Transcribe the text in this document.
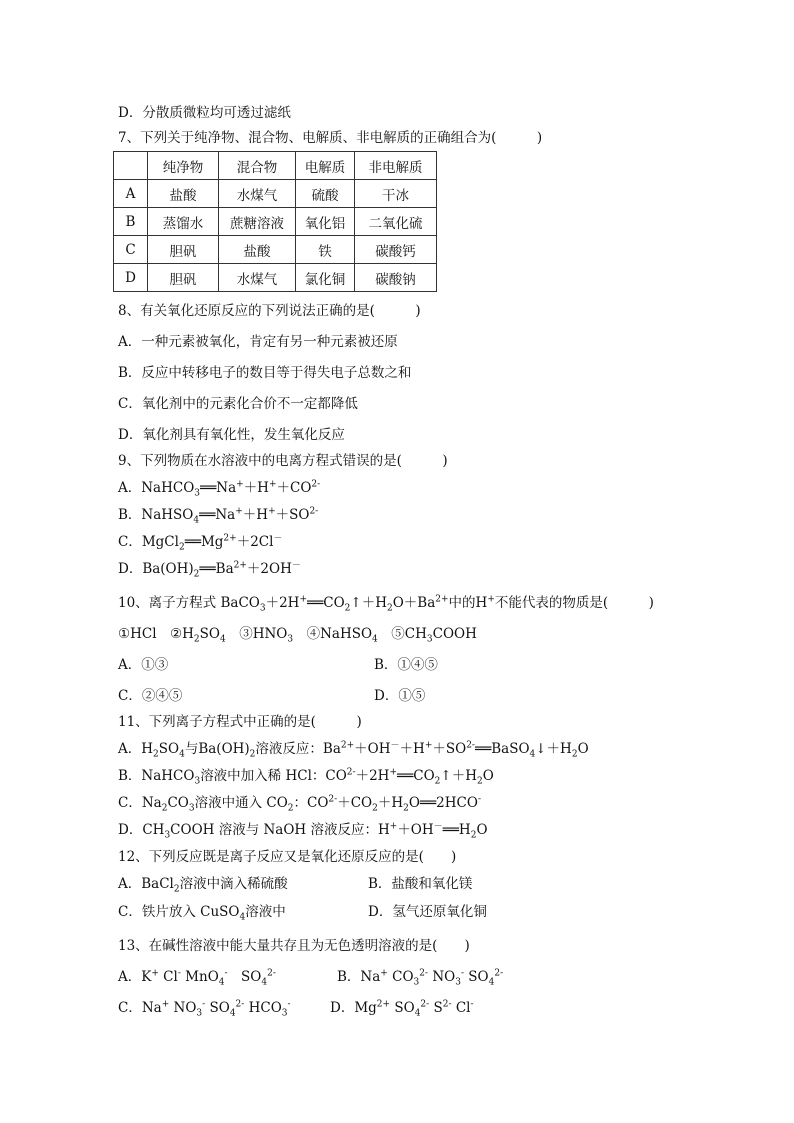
D．分散质微粒均可透过滤纸
7、下列关于纯净物、混合物、电解质、非电解质的正确组合为(　　　)
	纯净物	混合物	电解质	非电解质
A	盐酸	水煤气	硫酸	干冰
B	蒸馏水	蔗糖溶液	氧化铝	二氧化硫
C	胆矾	盐酸	铁	碳酸钙
D	胆矾	水煤气	氯化铜	碳酸钠
8、有关氧化还原反应的下列说法正确的是(　　　)
A．一种元素被氧化，肯定有另一种元素被还原
B．反应中转移电子的数目等于得失电子总数之和
C．氧化剂中的元素化合价不一定都降低
D．氧化剂具有氧化性，发生氧化反应
9、下列物质在水溶液中的电离方程式错误的是(　　　)
A．$NaHCO_3══Na^++H^++CO^{2-}$
B．$NaHSO_4══Na^++H^++SO^{2-}$
C．$MgCl_2══Mg^{2+}+2Cl^-$
D．$Ba(OH)_2══Ba^{2+}+2OH^-$
10、离子方程式 $BaCO_3+2H^+══CO_2↑+H_2O+Ba^{2+}$中的H+不能代表的物质是(　　　)
①HCl　$②H_2SO_4$　$③HNO_3$　④NaHSO$_4$　$⑤CH_3COOH$
A．①③	B．①④⑤
C．②④⑤	D．①⑤
11、下列离子方程式中正确的是(　　　)
A．$H_2SO_4$与$Ba(OH)_2$溶液反应：$Ba^{2+}+OH^-+H^++SO^{2-}══BaSO_4↓+H_2O$
B．NaHCO$_3$溶液中加入稀 HCl：$CO^{2-}+2H^+══CO_2↑+H_2O$
C．$Na_2CO_3$溶液中通入 $CO_2$：$CO^{2-}+CO_2+H_2O══2HCO^-$
D．$CH_3COOH$ 溶液与 NaOH 溶液反应：$H^++OH^-══H_2O$
12、下列反应既是离子反应又是氧化还原反应的是(　　)
A．BaCl$_2$溶液中滴入稀硫酸	B．盐酸和氧化镁
C．铁片放入 CuSO$_4$溶液中	D．氢气还原氧化铜
13、在碱性溶液中能大量共存且为无色透明溶液的是(　　)
A．K+ Cl- MnO$_4$-　$SO_4^{2-}$	B．Na+ $CO_3^{2-}$ $NO_3^-$ $SO_4^{2-}$
C．Na+ $NO_3^-$ $SO_4^{2-}$ $HCO_3^-$	D．$Mg^{2+}$ $SO_4^{2-}$ $S^{2-}$ Cl-
